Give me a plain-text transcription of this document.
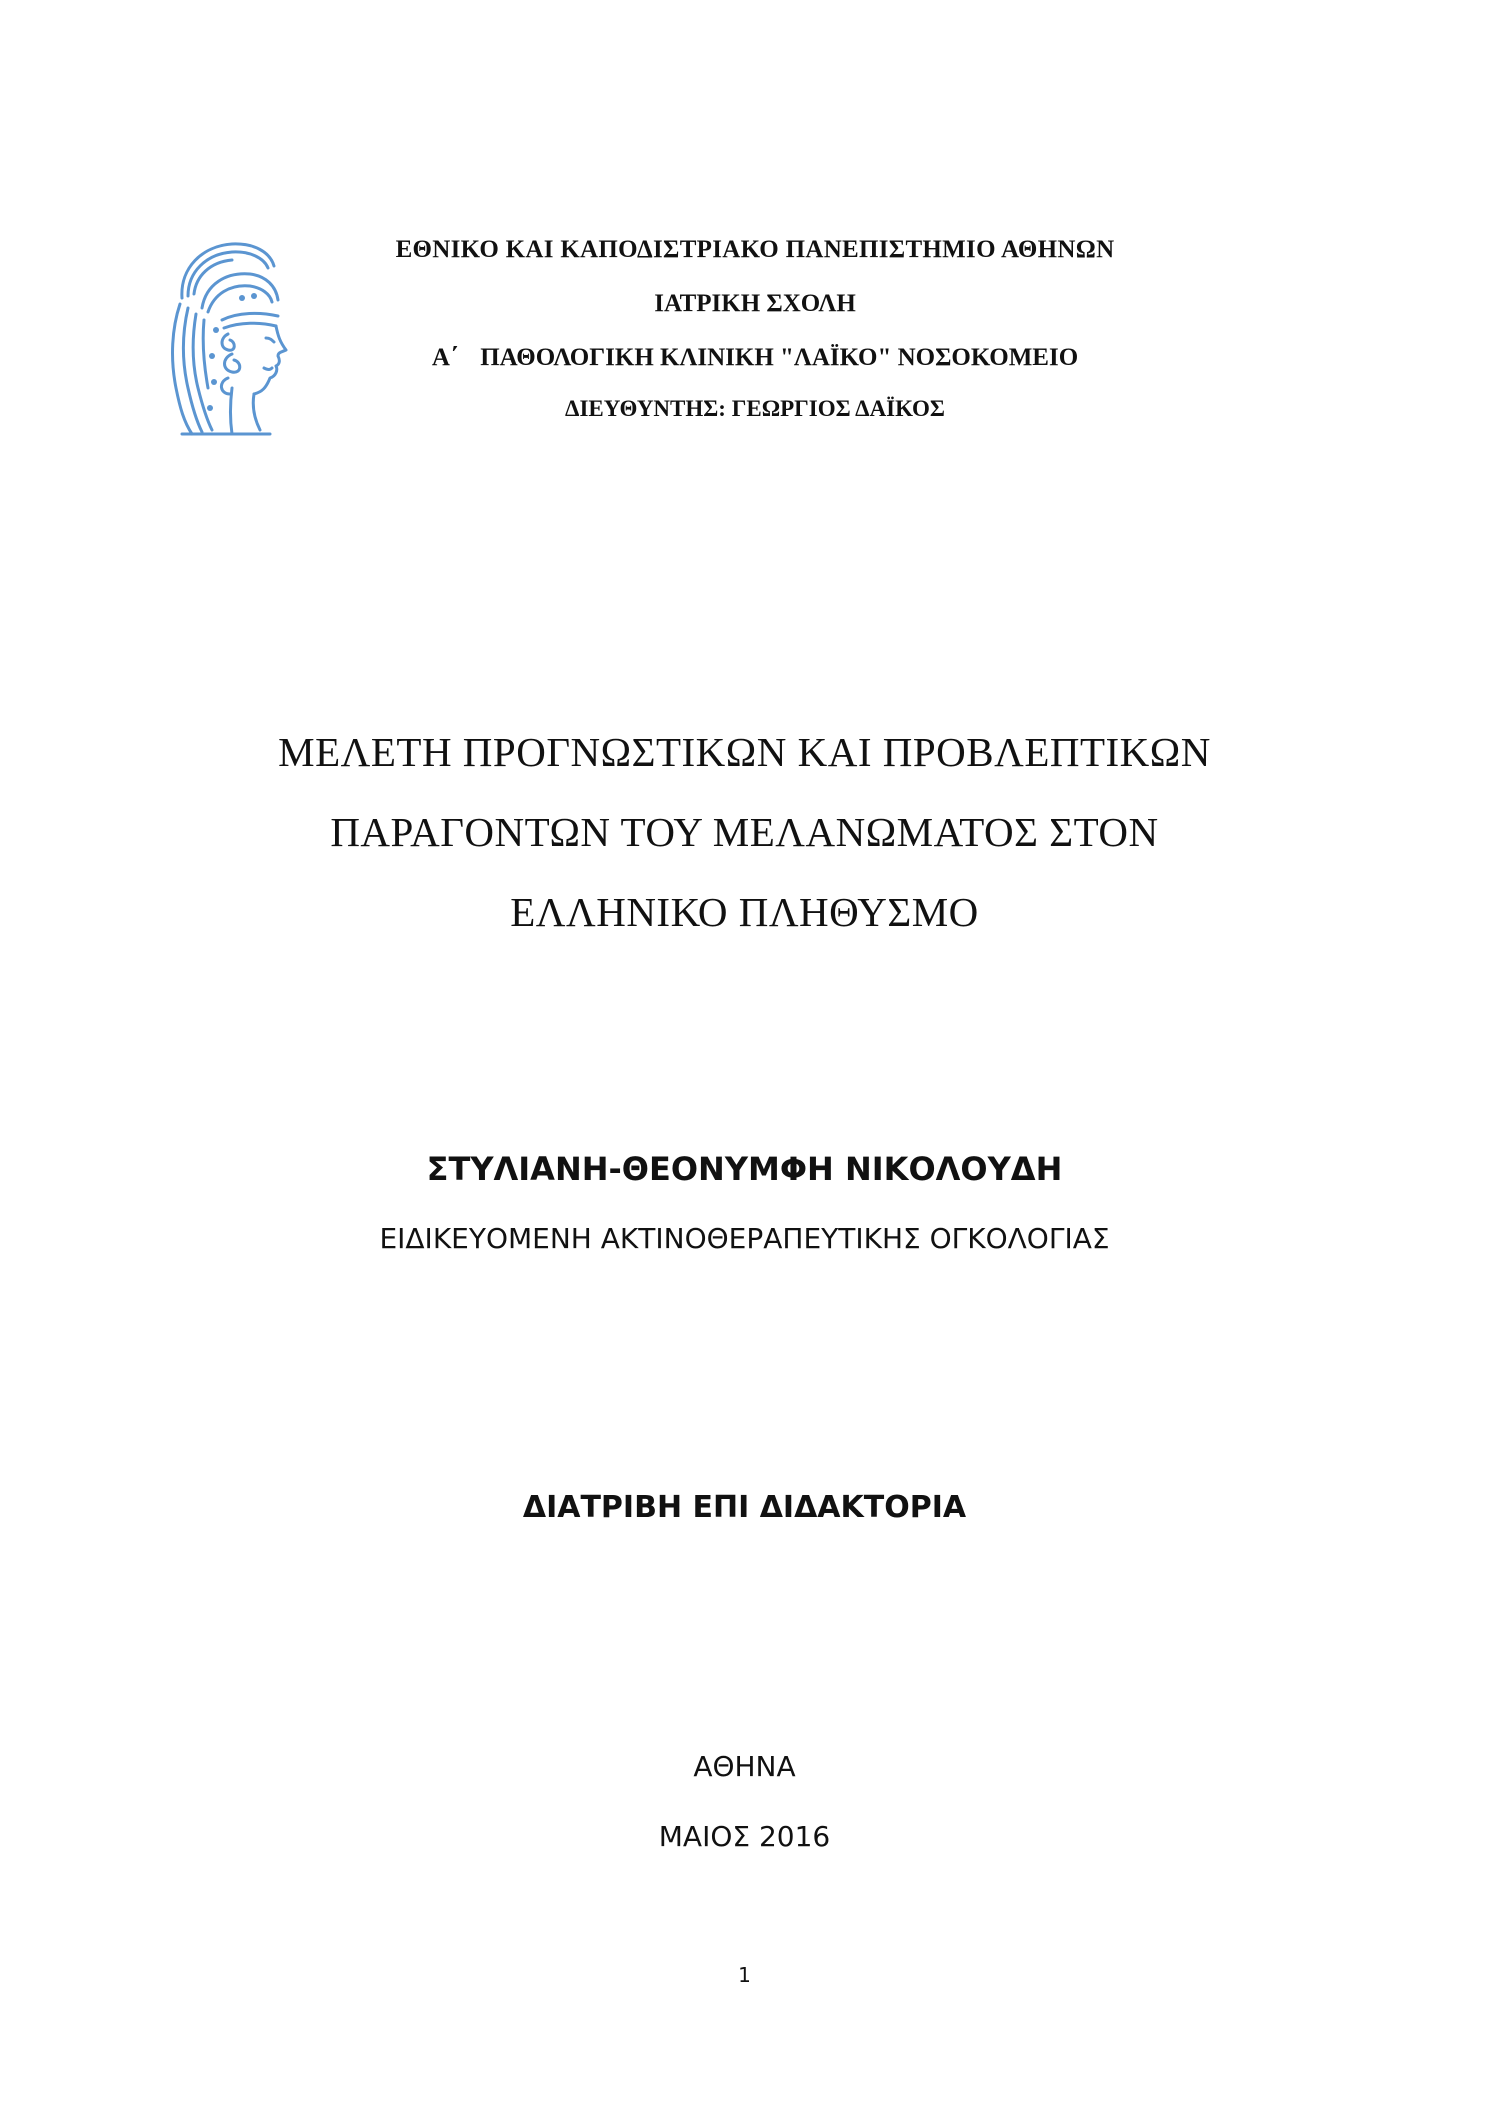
ΕΘΝΙΚΟ ΚΑΙ ΚΑΠΟΔΙΣΤΡΙΑΚΟ ΠΑΝΕΠΙΣΤΗΜΙΟ ΑΘΗΝΩΝ
ΙΑΤΡΙΚΗ ΣΧΟΛΗ
Α΄ ΠΑΘΟΛΟΓΙΚΗ ΚΛΙΝΙΚΗ "ΛΑΪΚΟ" ΝΟΣΟΚΟΜΕΙΟ
ΔΙΕΥΘΥΝΤΗΣ: ΓΕΩΡΓΙΟΣ ΔΑΪΚΟΣ
ΜΕΛΕΤΗ ΠΡΟΓΝΩΣΤΙΚΩΝ ΚΑΙ ΠΡΟΒΛΕΠΤΙΚΩΝ
ΠΑΡΑΓΟΝΤΩΝ ΤΟΥ ΜΕΛΑΝΩΜΑΤΟΣ ΣΤΟΝ
ΕΛΛΗΝΙΚΟ ΠΛΗΘΥΣΜΟ
ΣΤΥΛΙΑΝΗ-ΘΕΟΝΥΜΦΗ ΝΙΚΟΛΟΥΔΗ
ΕΙΔΙΚΕΥΟΜΕΝΗ ΑΚΤΙΝΟΘΕΡΑΠΕΥΤΙΚΗΣ ΟΓΚΟΛΟΓΙΑΣ
ΔΙΑΤΡΙΒΗ ΕΠΙ ΔΙΔΑΚΤΟΡΙΑ
ΑΘΗΝΑ
ΜΑΙΟΣ 2016
1
